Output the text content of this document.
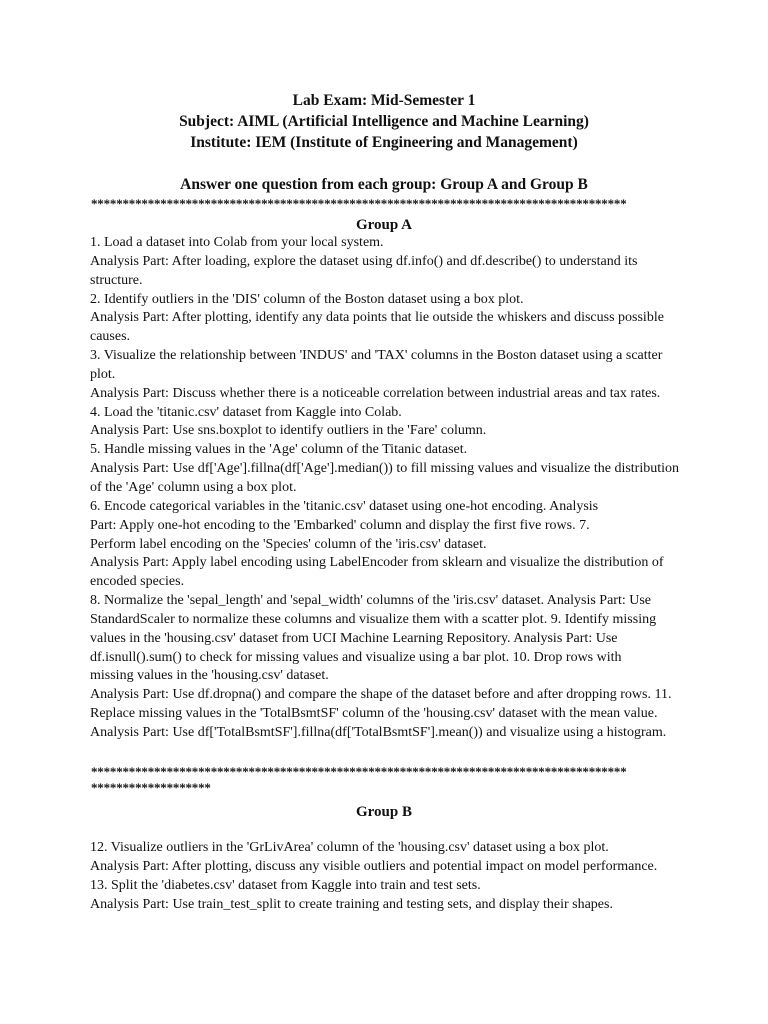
Lab Exam: Mid-Semester 1
Subject: AIML (Artificial Intelligence and Machine Learning)
Institute: IEM (Institute of Engineering and Management)
Answer one question from each group: Group A and Group B
*************************************************************************************
Group A
1. Load a dataset into Colab from your local system.
Analysis Part: After loading, explore the dataset using df.info() and df.describe() to understand its
structure.
2. Identify outliers in the 'DIS' column of the Boston dataset using a box plot.
Analysis Part: After plotting, identify any data points that lie outside the whiskers and discuss possible
causes.
3. Visualize the relationship between 'INDUS' and 'TAX' columns in the Boston dataset using a scatter
plot.
Analysis Part: Discuss whether there is a noticeable correlation between industrial areas and tax rates.
4. Load the 'titanic.csv' dataset from Kaggle into Colab.
Analysis Part: Use sns.boxplot to identify outliers in the 'Fare' column.
5. Handle missing values in the 'Age' column of the Titanic dataset.
Analysis Part: Use df['Age'].fillna(df['Age'].median()) to fill missing values and visualize the distribution
of the 'Age' column using a box plot.
6. Encode categorical variables in the 'titanic.csv' dataset using one-hot encoding. Analysis
Part: Apply one-hot encoding to the 'Embarked' column and display the first five rows. 7.
Perform label encoding on the 'Species' column of the 'iris.csv' dataset.
Analysis Part: Apply label encoding using LabelEncoder from sklearn and visualize the distribution of
encoded species.
8. Normalize the 'sepal_length' and 'sepal_width' columns of the 'iris.csv' dataset. Analysis Part: Use
StandardScaler to normalize these columns and visualize them with a scatter plot. 9. Identify missing
values in the 'housing.csv' dataset from UCI Machine Learning Repository. Analysis Part: Use
df.isnull().sum() to check for missing values and visualize using a bar plot. 10. Drop rows with
missing values in the 'housing.csv' dataset.
Analysis Part: Use df.dropna() and compare the shape of the dataset before and after dropping rows. 11.
Replace missing values in the 'TotalBsmtSF' column of the 'housing.csv' dataset with the mean value.
Analysis Part: Use df['TotalBsmtSF'].fillna(df['TotalBsmtSF'].mean()) and visualize using a histogram.
*************************************************************************************
*******************
Group B
12. Visualize outliers in the 'GrLivArea' column of the 'housing.csv' dataset using a box plot.
Analysis Part: After plotting, discuss any visible outliers and potential impact on model performance.
13. Split the 'diabetes.csv' dataset from Kaggle into train and test sets.
Analysis Part: Use train_test_split to create training and testing sets, and display their shapes.
